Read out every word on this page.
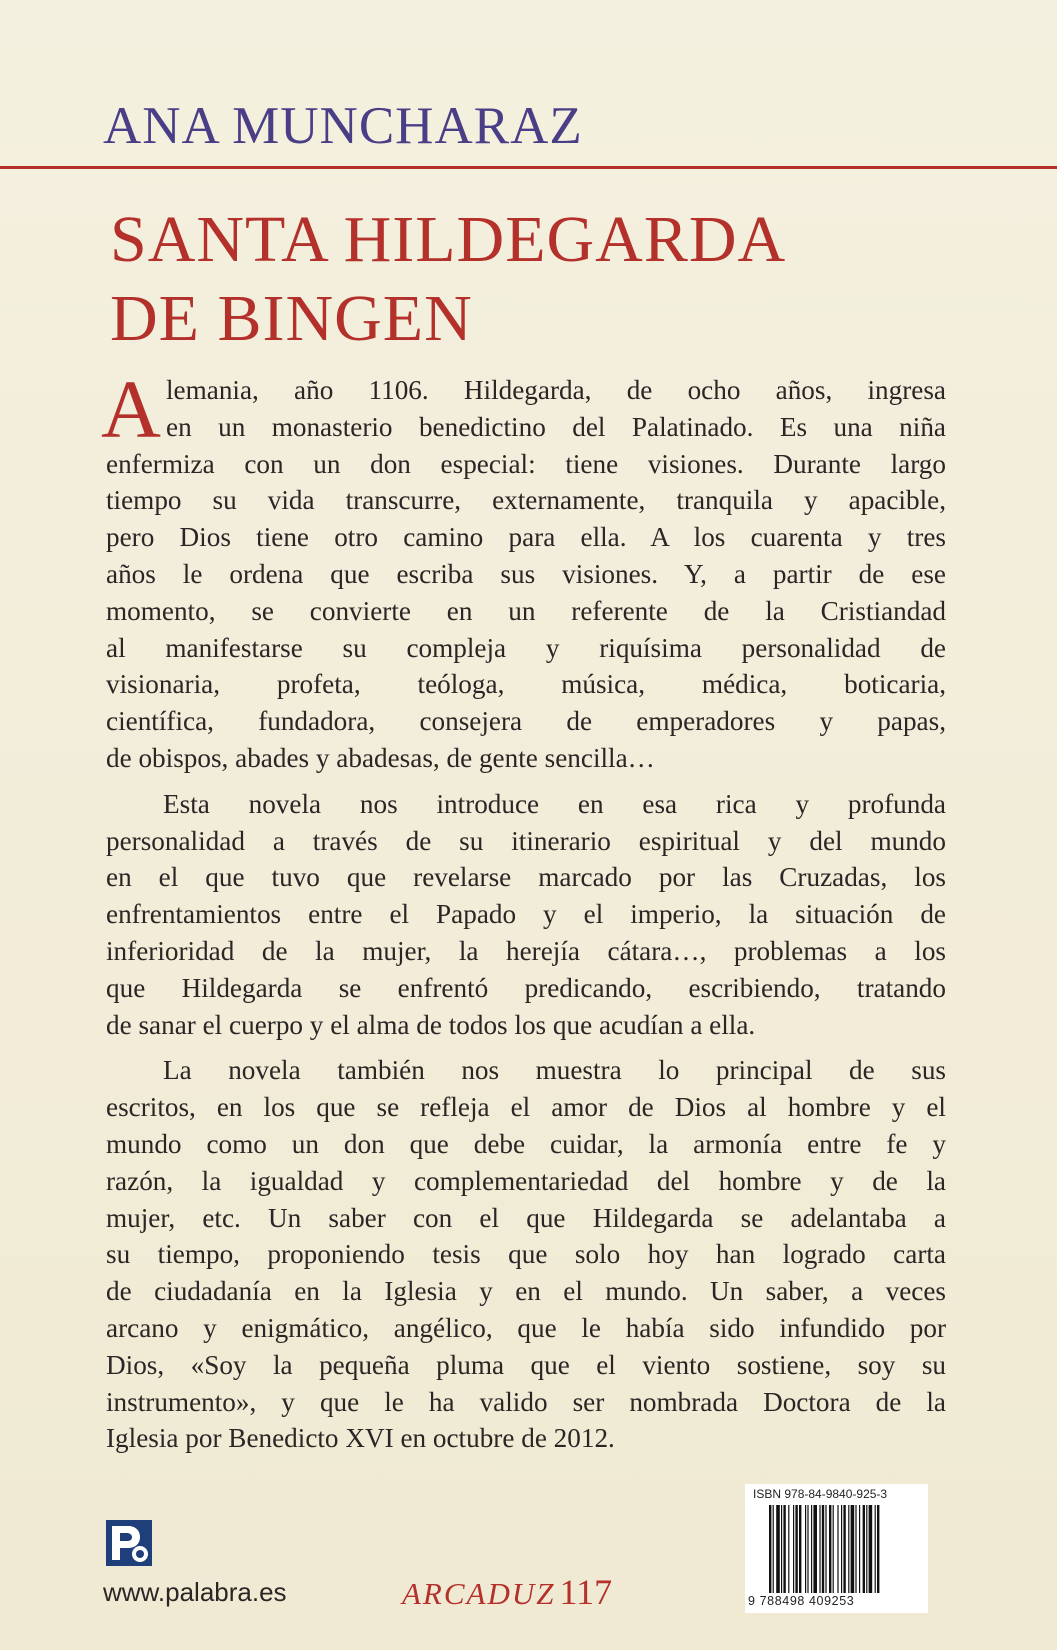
ANA MUNCHARAZ
SANTA HILDEGARDA
DE BINGEN
A lemania, año 1106. Hildegarda, de ocho años, ingresa
en un monasterio benedictino del Palatinado. Es una niña
enfermiza con un don especial: tiene visiones. Durante largo
tiempo su vida transcurre, externamente, tranquila y apacible,
pero Dios tiene otro camino para ella. A los cuarenta y tres
años le ordena que escriba sus visiones. Y, a partir de ese
momento, se convierte en un referente de la Cristiandad
al manifestarse su compleja y riquísima personalidad de
visionaria, profeta, teóloga, música, médica, boticaria,
científica, fundadora, consejera de emperadores y papas,
de obispos, abades y abadesas, de gente sencilla…
Esta novela nos introduce en esa rica y profunda
personalidad a través de su itinerario espiritual y del mundo
en el que tuvo que revelarse marcado por las Cruzadas, los
enfrentamientos entre el Papado y el imperio, la situación de
inferioridad de la mujer, la herejía cátara…, problemas a los
que Hildegarda se enfrentó predicando, escribiendo, tratando
de sanar el cuerpo y el alma de todos los que acudían a ella.
La novela también nos muestra lo principal de sus
escritos, en los que se refleja el amor de Dios al hombre y el
mundo como un don que debe cuidar, la armonía entre fe y
razón, la igualdad y complementariedad del hombre y de la
mujer, etc. Un saber con el que Hildegarda se adelantaba a
su tiempo, proponiendo tesis que solo hoy han logrado carta
de ciudadanía en la Iglesia y en el mundo. Un saber, a veces
arcano y enigmático, angélico, que le había sido infundido por
Dios, «Soy la pequeña pluma que el viento sostiene, soy su
instrumento», y que le ha valido ser nombrada Doctora de la
Iglesia por Benedicto XVI en octubre de 2012.
ISBN 978-84-9840-925-3
9 788498 409253
www.palabra.es	ARCADUZ 117
